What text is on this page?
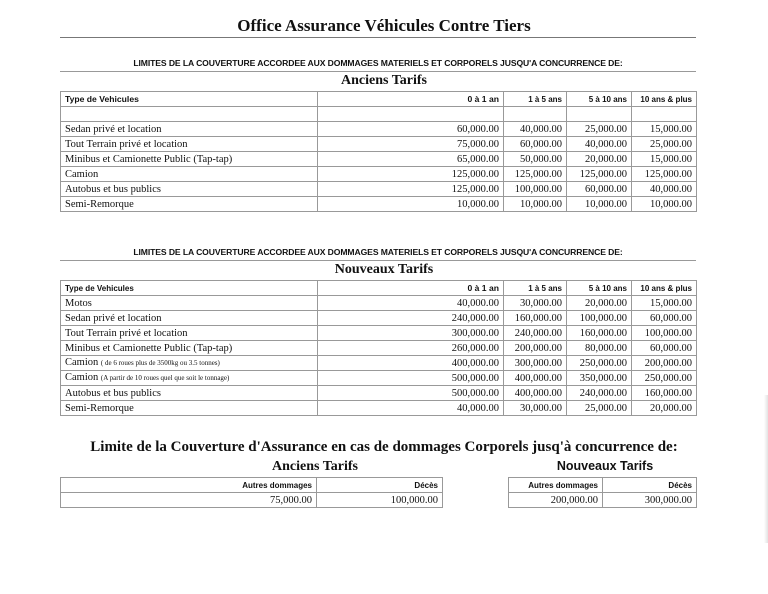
Office Assurance Véhicules Contre Tiers
LIMITES DE LA COUVERTURE ACCORDEE AUX DOMMAGES MATERIELS ET CORPORELS JUSQU'A CONCURRENCE DE:
Anciens Tarifs
Type de Vehicules	0 à 1 an	1 à 5 ans	5 à 10 ans	10 ans & plus

Sedan privé et location	60,000.00	40,000.00	25,000.00	15,000.00
Tout Terrain privé et location	75,000.00	60,000.00	40,000.00	25,000.00
Minibus et Camionette Public (Tap-tap)	65,000.00	50,000.00	20,000.00	15,000.00
Camion	125,000.00	125,000.00	125,000.00	125,000.00
Autobus et bus publics	125,000.00	100,000.00	60,000.00	40,000.00
Semi-Remorque	10,000.00	10,000.00	10,000.00	10,000.00
LIMITES DE LA COUVERTURE ACCORDEE AUX DOMMAGES MATERIELS ET CORPORELS JUSQU'A CONCURRENCE DE:
Nouveaux Tarifs
Type de Vehicules	0 à 1 an	1 à 5 ans	5 à 10 ans	10 ans & plus
Motos	40,000.00	30,000.00	20,000.00	15,000.00
Sedan privé et location	240,000.00	160,000.00	100,000.00	60,000.00
Tout Terrain privé et location	300,000.00	240,000.00	160,000.00	100,000.00
Minibus et Camionette Public (Tap-tap)	260,000.00	200,000.00	80,000.00	60,000.00
Camion ( de 6 roues plus de 3500kg ou 3.5 tonnes)	400,000.00	300,000.00	250,000.00	200,000.00
Camion (A partir de 10 roues quel que soit le tonnage)	500,000.00	400,000.00	350,000.00	250,000.00
Autobus et bus publics	500,000.00	400,000.00	240,000.00	160,000.00
Semi-Remorque	40,000.00	30,000.00	25,000.00	20,000.00
Limite de la Couverture d'Assurance en cas de dommages Corporels jusq'à concurrence de:
Anciens Tarifs	Nouveaux Tarifs
Autres dommages	Décès
75,000.00	100,000.00
Autres dommages	Décès
200,000.00	300,000.00
